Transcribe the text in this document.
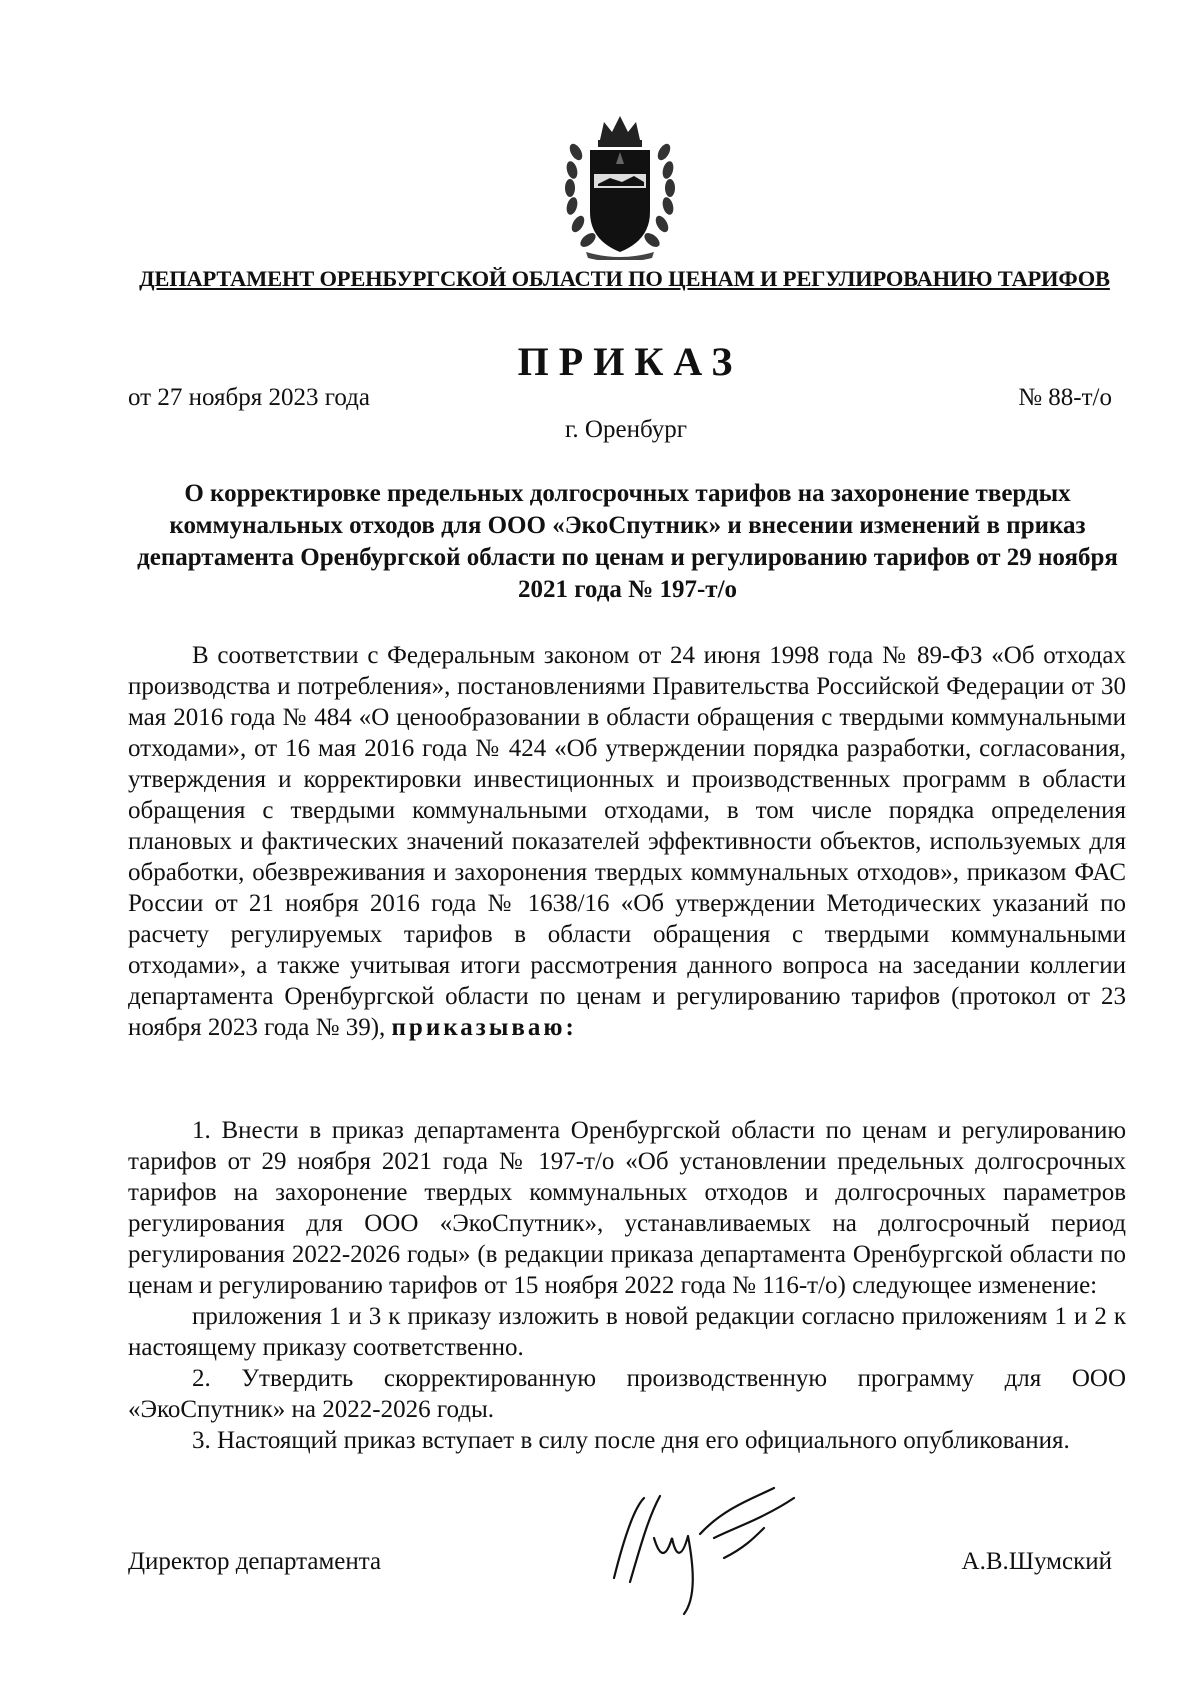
ДЕПАРТАМЕНТ ОРЕНБУРГСКОЙ ОБЛАСТИ ПО ЦЕНАМ И РЕГУЛИРОВАНИЮ ТАРИФОВ
ПРИКАЗ
от 27 ноября 2023 года	№ 88-т/о
г. Оренбург
О корректировке предельных долгосрочных тарифов на захоронение твердых коммунальных отходов для ООО «ЭкоСпутник» и внесении изменений в приказ департамента Оренбургской области по ценам и регулированию тарифов от 29 ноября 2021 года № 197-т/о

В соответствии с Федеральным законом от 24 июня 1998 года № 89-ФЗ «Об отходах производства и потребления», постановлениями Правительства Российской Федерации от 30 мая 2016 года № 484 «О ценообразовании в области обращения с твердыми коммунальными отходами», от 16 мая 2016 года № 424 «Об утверждении порядка разработки, согласования, утверждения и корректировки инвестиционных и производственных программ в области обращения с твердыми коммунальными отходами, в том числе порядка определения плановых и фактических значений показателей эффективности объектов, используемых для обработки, обезвреживания и захоронения твердых коммунальных отходов», приказом ФАС России от 21 ноября 2016 года № 1638/16 «Об утверждении Методических указаний по расчету регулируемых тарифов в области обращения с твердыми коммунальными отходами», а также учитывая итоги рассмотрения данного вопроса на заседании коллегии департамента Оренбургской области по ценам и регулированию тарифов (протокол от 23 ноября 2023 года № 39), приказываю:

1. Внести в приказ департамента Оренбургской области по ценам и регулированию тарифов от 29 ноября 2021 года № 197-т/о «Об установлении предельных долгосрочных тарифов на захоронение твердых коммунальных отходов и долгосрочных параметров регулирования для ООО «ЭкоСпутник», устанавливаемых на долгосрочный период регулирования 2022-2026 годы» (в редакции приказа департамента Оренбургской области по ценам и регулированию тарифов от 15 ноября 2022 года № 116-т/о) следующее изменение:

приложения 1 и 3 к приказу изложить в новой редакции согласно приложениям 1 и 2 к настоящему приказу соответственно.

2. Утвердить скорректированную производственную программу для ООО «ЭкоСпутник» на 2022-2026 годы.

3. Настоящий приказ вступает в силу после дня его официального опубликования.

Директор департамента	А.В.Шумский
